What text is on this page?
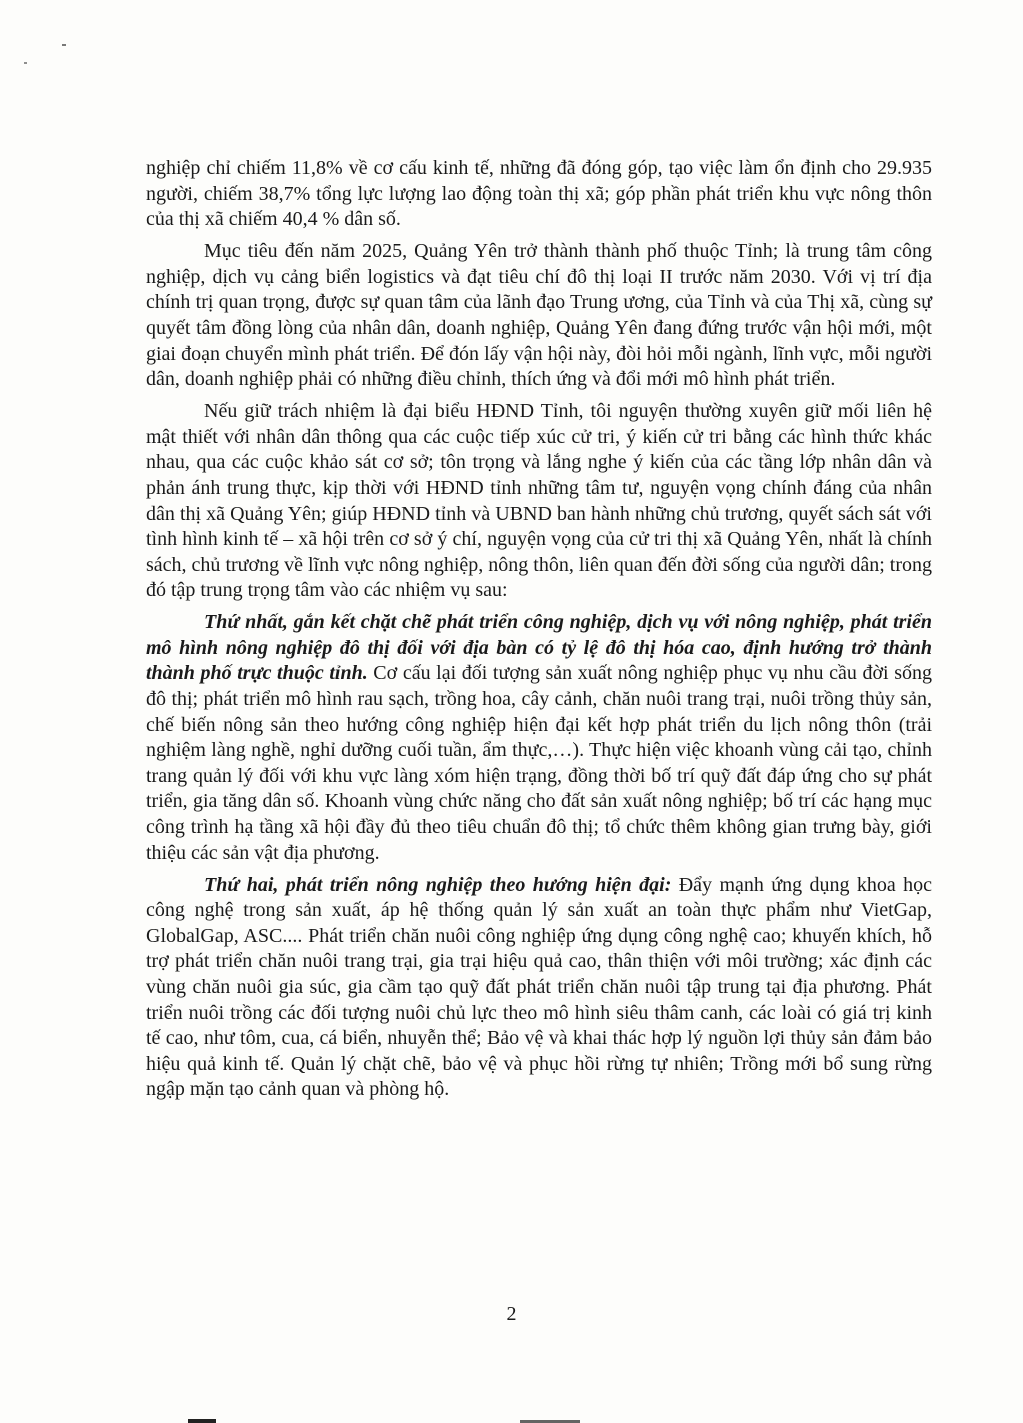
nghiệp chỉ chiếm 11,8% về cơ cấu kinh tế, những đã đóng góp, tạo việc làm ổn định cho 29.935 người, chiếm 38,7% tổng lực lượng lao động toàn thị xã; góp phần phát triển khu vực nông thôn của thị xã chiếm 40,4 % dân số.

Mục tiêu đến năm 2025, Quảng Yên trở thành thành phố thuộc Tỉnh; là trung tâm công nghiệp, dịch vụ cảng biển logistics và đạt tiêu chí đô thị loại II trước năm 2030. Với vị trí địa chính trị quan trọng, được sự quan tâm của lãnh đạo Trung ương, của Tỉnh và của Thị xã, cùng sự quyết tâm đồng lòng của nhân dân, doanh nghiệp, Quảng Yên đang đứng trước vận hội mới, một giai đoạn chuyển mình phát triển. Để đón lấy vận hội này, đòi hỏi mỗi ngành, lĩnh vực, mỗi người dân, doanh nghiệp phải có những điều chỉnh, thích ứng và đổi mới mô hình phát triển.

Nếu giữ trách nhiệm là đại biểu HĐND Tỉnh, tôi nguyện thường xuyên giữ mối liên hệ mật thiết với nhân dân thông qua các cuộc tiếp xúc cử tri, ý kiến cử tri bằng các hình thức khác nhau, qua các cuộc khảo sát cơ sở; tôn trọng và lắng nghe ý kiến của các tầng lớp nhân dân và phản ánh trung thực, kịp thời với HĐND tỉnh những tâm tư, nguyện vọng chính đáng của nhân dân thị xã Quảng Yên; giúp HĐND tỉnh và UBND ban hành những chủ trương, quyết sách sát với tình hình kinh tế – xã hội trên cơ sở ý chí, nguyện vọng của cử tri thị xã Quảng Yên, nhất là chính sách, chủ trương về lĩnh vực nông nghiệp, nông thôn, liên quan đến đời sống của người dân; trong đó tập trung trọng tâm vào các nhiệm vụ sau:

Thứ nhất, gắn kết chặt chẽ phát triển công nghiệp, dịch vụ với nông nghiệp, phát triển mô hình nông nghiệp đô thị đối với địa bàn có tỷ lệ đô thị hóa cao, định hướng trở thành thành phố trực thuộc tỉnh. Cơ cấu lại đối tượng sản xuất nông nghiệp phục vụ nhu cầu đời sống đô thị; phát triển mô hình rau sạch, trồng hoa, cây cảnh, chăn nuôi trang trại, nuôi trồng thủy sản, chế biến nông sản theo hướng công nghiệp hiện đại kết hợp phát triển du lịch nông thôn (trải nghiệm làng nghề, nghỉ dưỡng cuối tuần, ẩm thực,…). Thực hiện việc khoanh vùng cải tạo, chỉnh trang quản lý đối với khu vực làng xóm hiện trạng, đồng thời bố trí quỹ đất đáp ứng cho sự phát triển, gia tăng dân số. Khoanh vùng chức năng cho đất sản xuất nông nghiệp; bố trí các hạng mục công trình hạ tầng xã hội đầy đủ theo tiêu chuẩn đô thị; tổ chức thêm không gian trưng bày, giới thiệu các sản vật địa phương.

Thứ hai, phát triển nông nghiệp theo hướng hiện đại: Đẩy mạnh ứng dụng khoa học công nghệ trong sản xuất, áp hệ thống quản lý sản xuất an toàn thực phẩm như VietGap, GlobalGap, ASC.... Phát triển chăn nuôi công nghiệp ứng dụng công nghệ cao; khuyến khích, hỗ trợ phát triển chăn nuôi trang trại, gia trại hiệu quả cao, thân thiện với môi trường; xác định các vùng chăn nuôi gia súc, gia cầm tạo quỹ đất phát triển chăn nuôi tập trung tại địa phương. Phát triển nuôi trồng các đối tượng nuôi chủ lực theo mô hình siêu thâm canh, các loài có giá trị kinh tế cao, như tôm, cua, cá biển, nhuyễn thể; Bảo vệ và khai thác hợp lý nguồn lợi thủy sản đảm bảo hiệu quả kinh tế. Quản lý chặt chẽ, bảo vệ và phục hồi rừng tự nhiên; Trồng mới bổ sung rừng ngập mặn tạo cảnh quan và phòng hộ.

2
